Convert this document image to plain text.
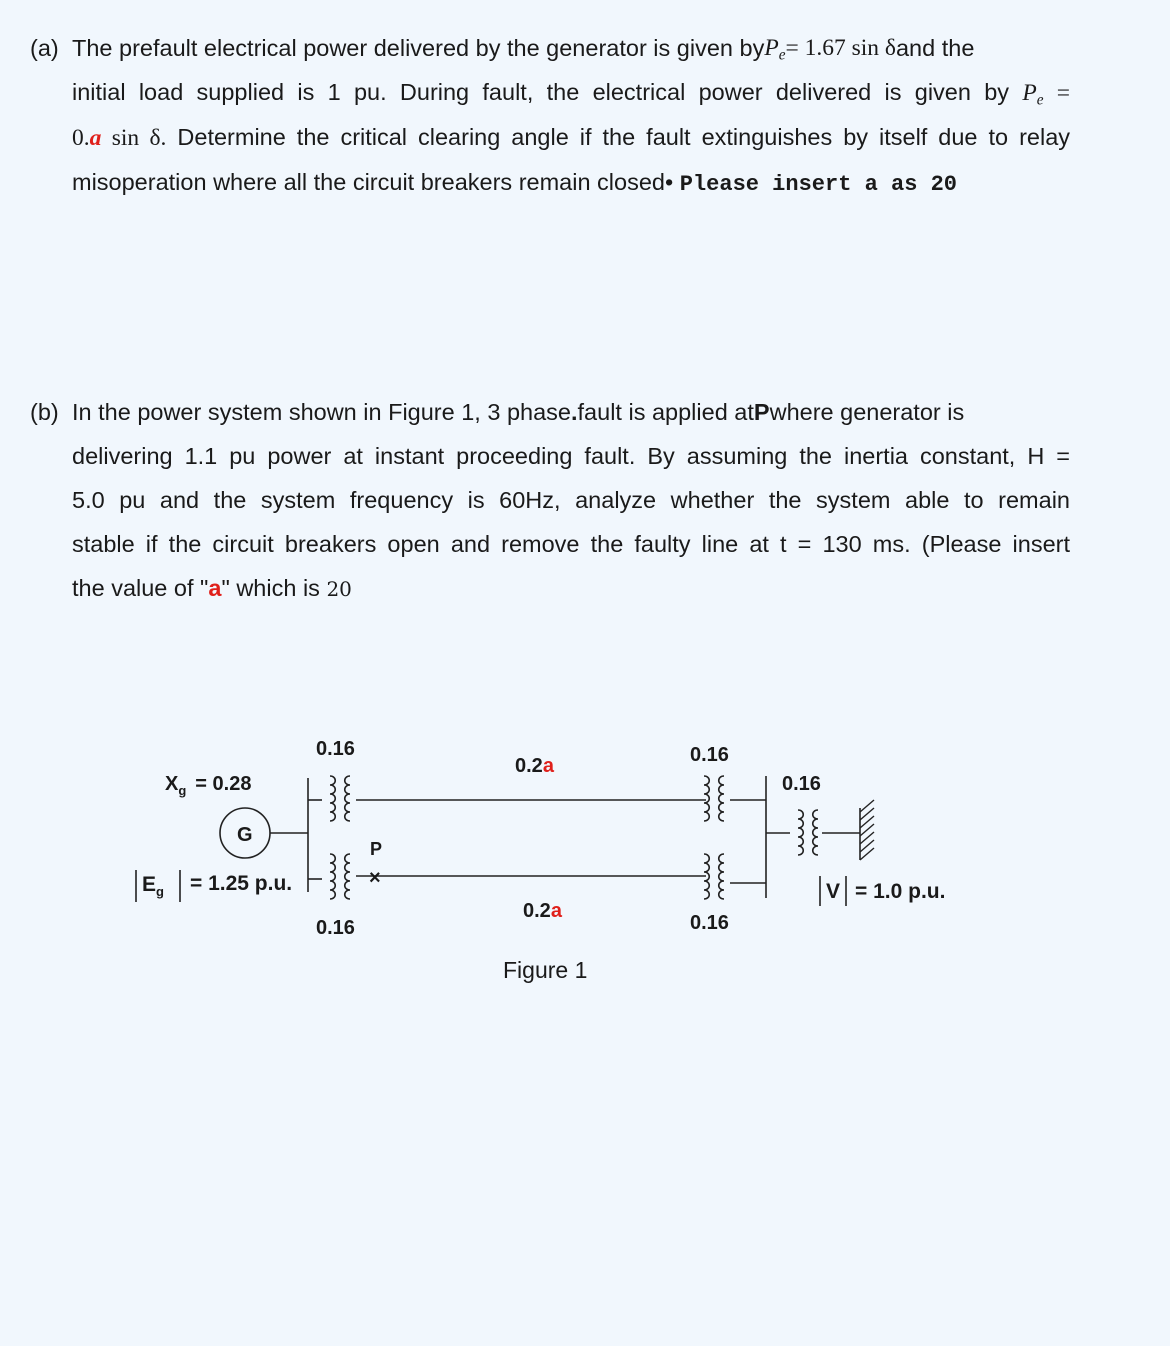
(a) The prefault electrical power delivered by the generator is given by $P_e = 1.67$ sin δ and the
initial load supplied is 1 pu. During fault, the electrical power delivered is given by $P_e$ =
0.a sin δ. Determine the critical clearing angle if the fault extinguishes by itself due to relay
misoperation where all the circuit breakers remain closed• Please insert a as 20
(b) In the power system shown in Figure 1, 3 phase. fault is applied at P where generator is
delivering 1.1 pu power at instant proceeding fault. By assuming the inertia constant, H =
5.0 pu and the system frequency is 60Hz, analyze whether the system able to remain
stable if the circuit breakers open and remove the faulty line at t = 130 ms. (Please insert
the value of "a" which is 20
$X_g = 0.28$
G
$E_g = 1.25$ p.u.
0.16
0.16
0.16
0.16
0.16
0.2a
0.2a
P
×
V = 1.0 p.u.
Figure 1
